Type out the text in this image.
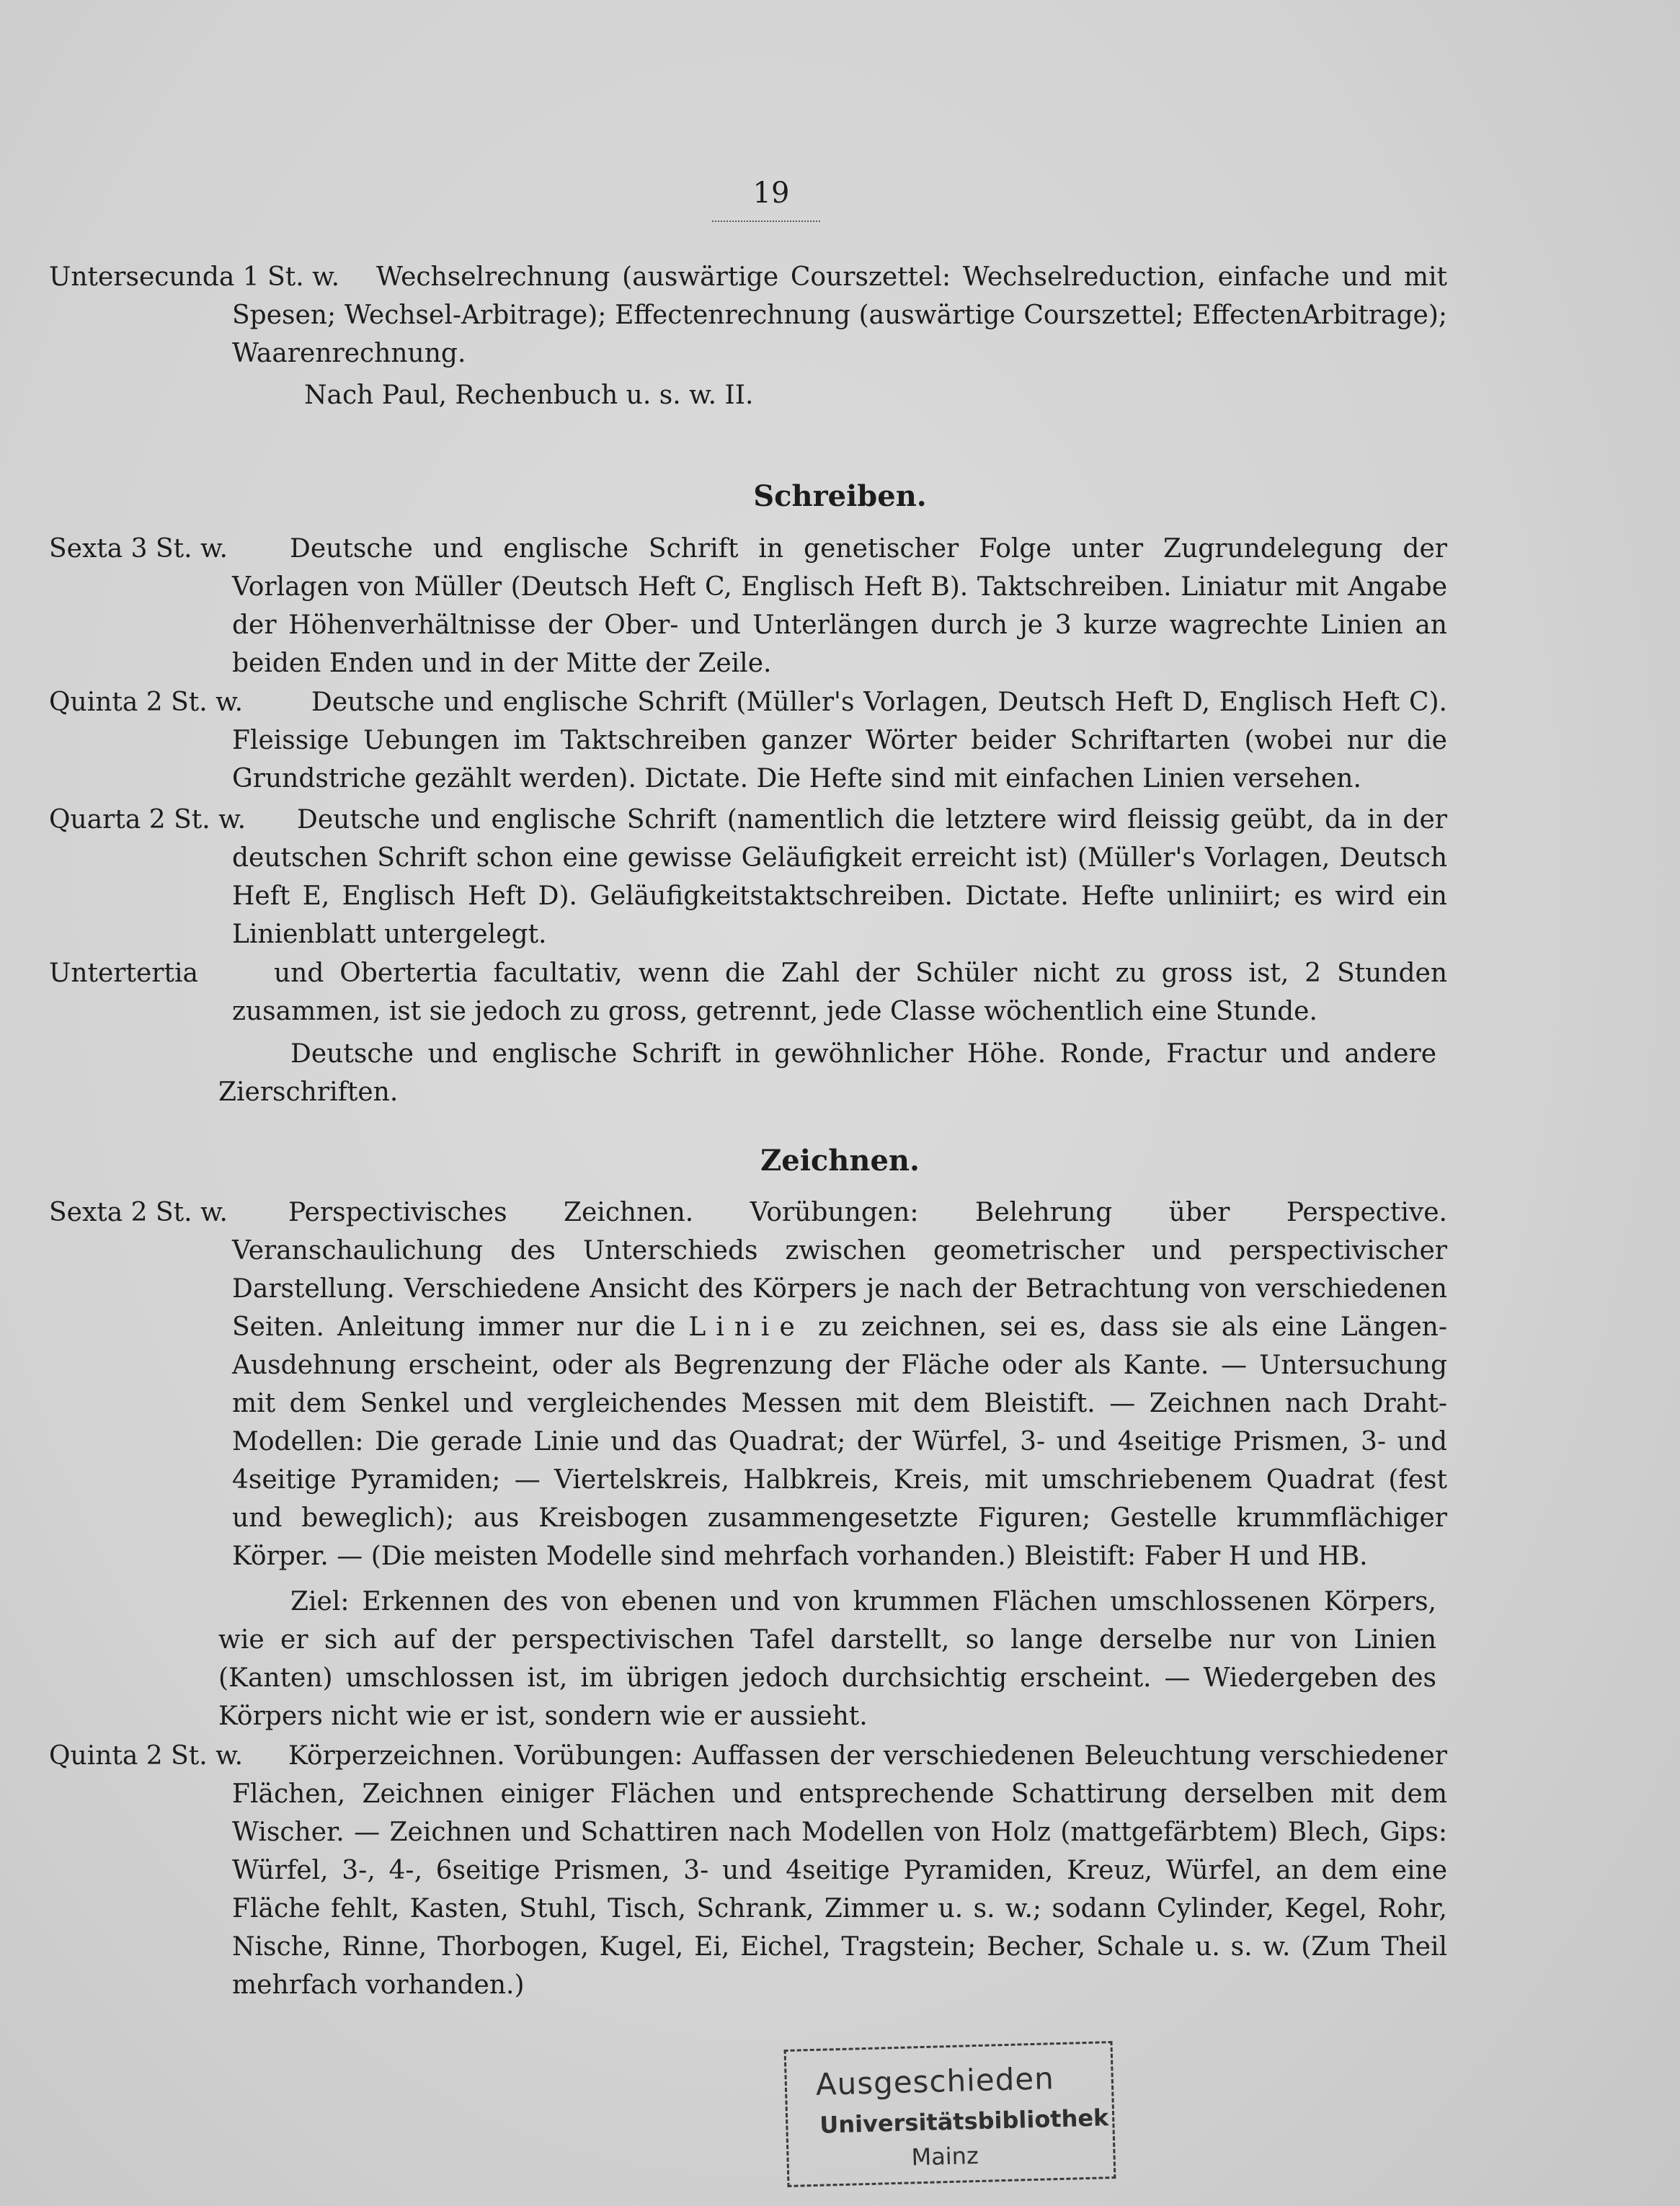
19
Untersecunda 1 St. w.	Wechselrechnung (auswärtige Courszettel: Wechselreduction, einfache und mit Spesen; Wechsel-Arbitrage); Effectenrechnung (auswärtige Courszettel; EffectenArbitrage); Waarenrechnung.
Nach Paul, Rechenbuch u. s. w. II.
Schreiben.
Sexta 3 St. w.	Deutsche und englische Schrift in genetischer Folge unter Zugrundelegung der Vorlagen von Müller (Deutsch Heft C, Englisch Heft B). Taktschreiben. Liniatur mit Angabe der Höhenverhältnisse der Ober- und Unterlängen durch je 3 kurze wagrechte Linien an beiden Enden und in der Mitte der Zeile.
Quinta 2 St. w.	Deutsche und englische Schrift (Müller's Vorlagen, Deutsch Heft D, Englisch Heft C). Fleissige Uebungen im Taktschreiben ganzer Wörter beider Schriftarten (wobei nur die Grundstriche gezählt werden). Dictate. Die Hefte sind mit einfachen Linien versehen.
Quarta 2 St. w.	Deutsche und englische Schrift (namentlich die letztere wird fleissig geübt, da in der deutschen Schrift schon eine gewisse Geläufigkeit erreicht ist) (Müller's Vorlagen, Deutsch Heft E, Englisch Heft D). Geläufigkeitstaktschreiben. Dictate. Hefte unliniirt; es wird ein Linienblatt untergelegt.
Untertertia	und Obertertia facultativ, wenn die Zahl der Schüler nicht zu gross ist, 2 Stunden zusammen, ist sie jedoch zu gross, getrennt, jede Classe wöchentlich eine Stunde.
Deutsche und englische Schrift in gewöhnlicher Höhe. Ronde, Fractur und andere Zierschriften.
Zeichnen.
Sexta 2 St. w.	Perspectivisches Zeichnen. Vorübungen: Belehrung über Perspective. Veranschaulichung des Unterschieds zwischen geometrischer und perspectivischer Darstellung. Verschiedene Ansicht des Körpers je nach der Betrachtung von verschiedenen Seiten. Anleitung immer nur die Linie zu zeichnen, sei es, dass sie als eine Längen-Ausdehnung erscheint, oder als Begrenzung der Fläche oder als Kante. — Untersuchung mit dem Senkel und vergleichendes Messen mit dem Bleistift. — Zeichnen nach Draht-Modellen: Die gerade Linie und das Quadrat; der Würfel, 3- und 4seitige Prismen, 3- und 4seitige Pyramiden; — Viertelskreis, Halbkreis, Kreis, mit umschriebenem Quadrat (fest und beweglich); aus Kreisbogen zusammengesetzte Figuren; Gestelle krummflächiger Körper. — (Die meisten Modelle sind mehrfach vorhanden.) Bleistift: Faber H und HB.
Ziel: Erkennen des von ebenen und von krummen Flächen umschlossenen Körpers, wie er sich auf der perspectivischen Tafel darstellt, so lange derselbe nur von Linien (Kanten) umschlossen ist, im übrigen jedoch durchsichtig erscheint. — Wiedergeben des Körpers nicht wie er ist, sondern wie er aussieht.
Quinta 2 St. w.	Körperzeichnen. Vorübungen: Auffassen der verschiedenen Beleuchtung verschiedener Flächen, Zeichnen einiger Flächen und entsprechende Schattirung derselben mit dem Wischer. — Zeichnen und Schattiren nach Modellen von Holz (mattgefärbtem) Blech, Gips: Würfel, 3-, 4-, 6seitige Prismen, 3- und 4seitige Pyramiden, Kreuz, Würfel, an dem eine Fläche fehlt, Kasten, Stuhl, Tisch, Schrank, Zimmer u. s. w.; sodann Cylinder, Kegel, Rohr, Nische, Rinne, Thorbogen, Kugel, Ei, Eichel, Tragstein; Becher, Schale u. s. w. (Zum Theil mehrfach vorhanden.)
Ausgeschieden
Universitätsbibliothek
Mainz
